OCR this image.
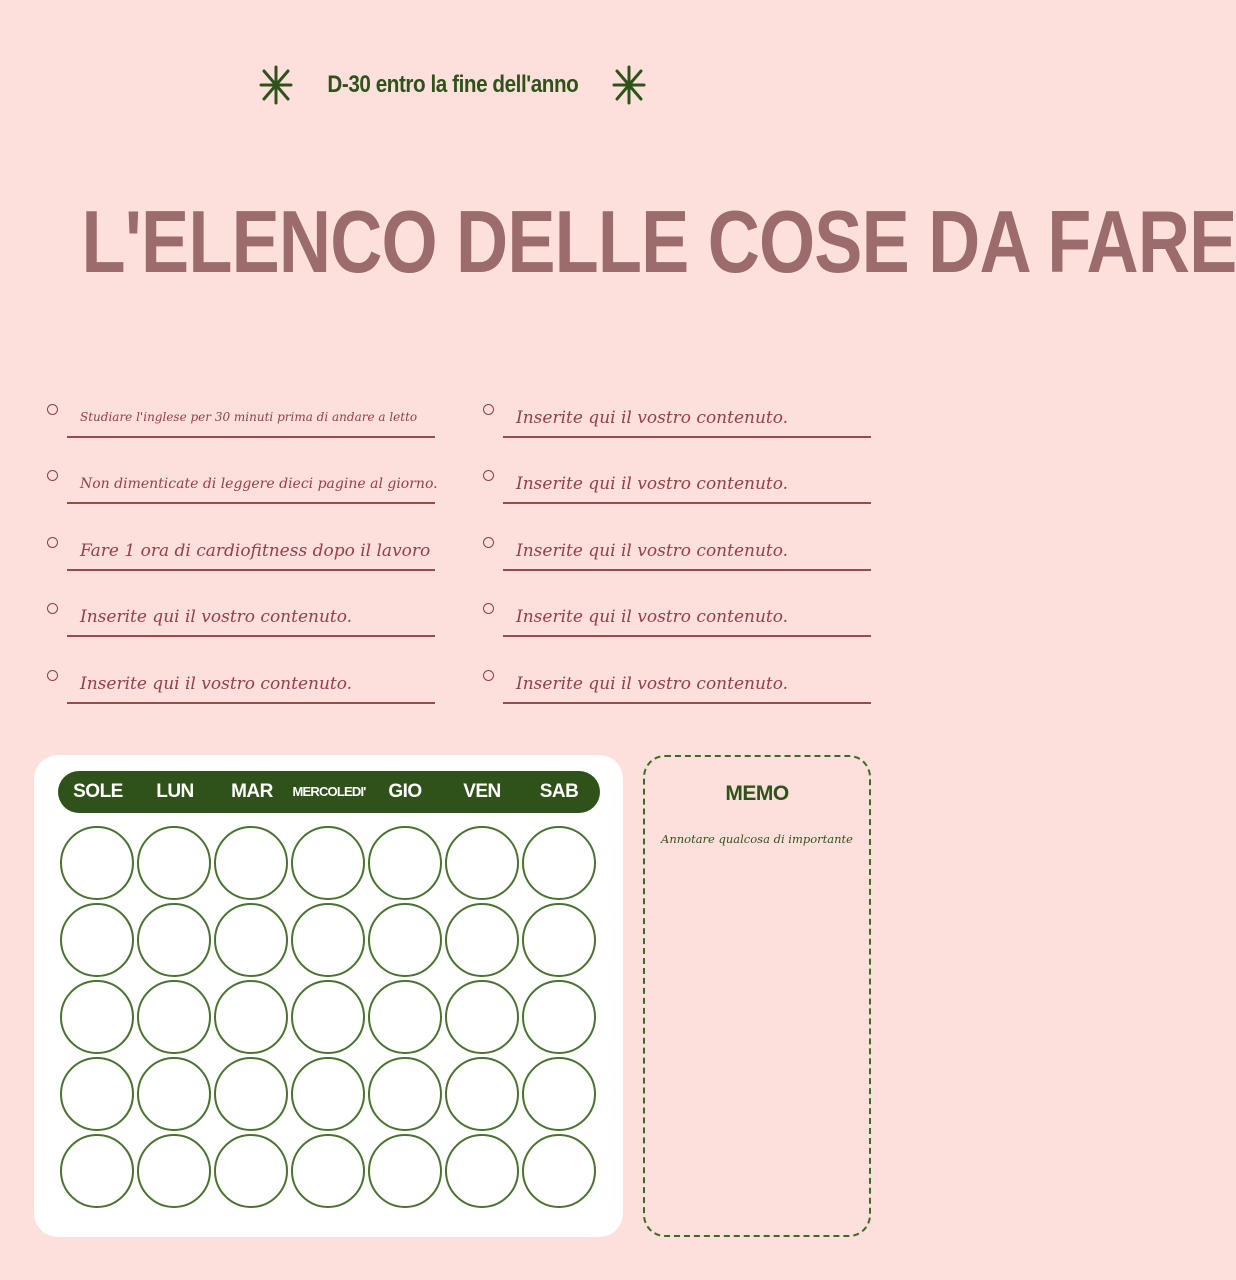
D-30 entro la fine dell'anno
L'ELENCO DELLE COSE DA FARE
Studiare l'inglese per 30 minuti prima di andare a letto
Non dimenticate di leggere dieci pagine al giorno.
Fare 1 ora di cardiofitness dopo il lavoro
Inserite qui il vostro contenuto.
Inserite qui il vostro contenuto.
Inserite qui il vostro contenuto.
Inserite qui il vostro contenuto.
Inserite qui il vostro contenuto.
Inserite qui il vostro contenuto.
Inserite qui il vostro contenuto.
SOLE	LUN	MAR	MERCOLEDI'	GIO	VEN	SAB	MEMO
Annotare qualcosa di importante
